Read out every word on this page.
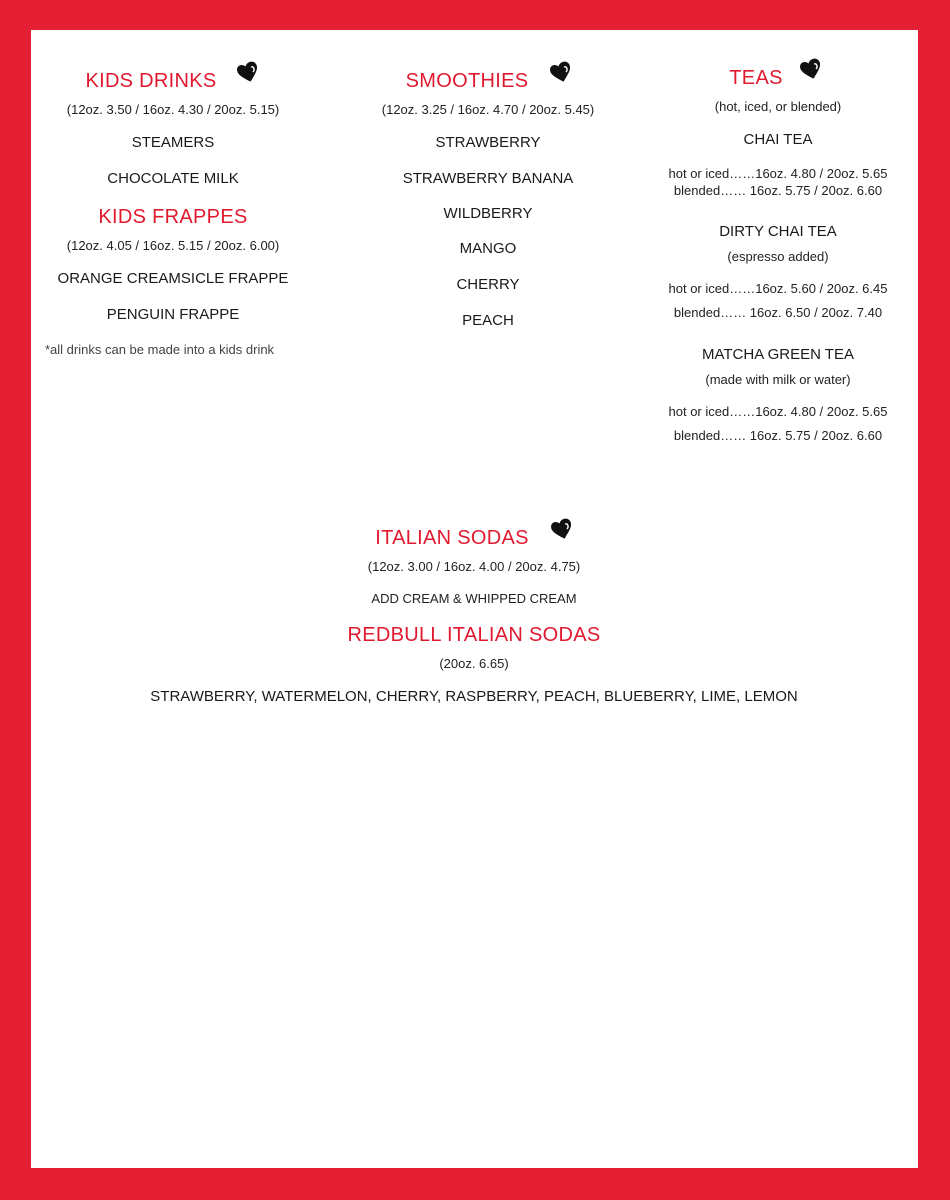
KIDS DRINKS
(12oz. 3.50 / 16oz. 4.30 / 20oz. 5.15)
STEAMERS
CHOCOLATE MILK
KIDS FRAPPES
(12oz. 4.05 / 16oz. 5.15 / 20oz. 6.00)
ORANGE CREAMSICLE FRAPPE
PENGUIN FRAPPE
*all drinks can be made into a kids drink
SMOOTHIES
(12oz. 3.25 / 16oz. 4.70 / 20oz. 5.45)
STRAWBERRY
STRAWBERRY BANANA
WILDBERRY
MANGO
CHERRY
PEACH
TEAS
(hot, iced, or blended)
CHAI TEA
hot or iced……16oz. 4.80 / 20oz. 5.65
blended…… 16oz. 5.75 / 20oz. 6.60
DIRTY CHAI TEA
(espresso added)
hot or iced……16oz. 5.60 / 20oz. 6.45
blended…… 16oz. 6.50 / 20oz. 7.40
MATCHA GREEN TEA
(made with milk or water)
hot or iced……16oz. 4.80 / 20oz. 5.65
blended…… 16oz. 5.75 / 20oz. 6.60
ITALIAN SODAS
(12oz. 3.00 / 16oz. 4.00 / 20oz. 4.75)
ADD CREAM & WHIPPED CREAM
REDBULL ITALIAN SODAS
(20oz. 6.65)
STRAWBERRY, WATERMELON, CHERRY, RASPBERRY, PEACH, BLUEBERRY, LIME, LEMON
